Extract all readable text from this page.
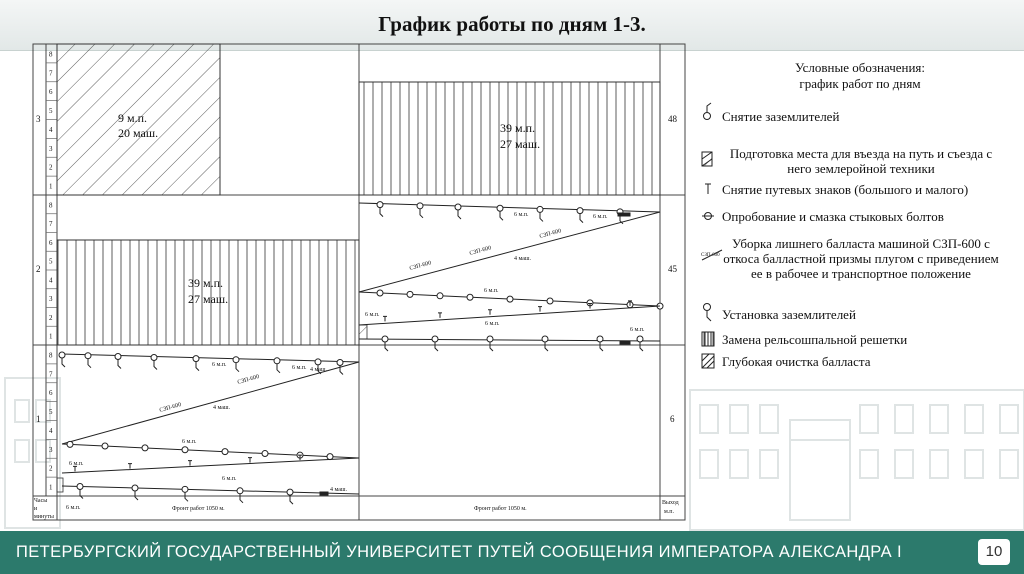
График работы по дням 1-3.
9 м.п.
20 маш.	39 м.п.
27 маш.
39 м.п.
27 маш.
3
2
1
48
45
6
Часы
и
минуты
Выход
м.п.
Фронт работ 1050 м.	Фронт работ 1050 м.
6 м.п.
1
2
3
4
5
6
7
8
1
2
3
4
5
6
7
8
1
2
3
4
5
6
7
8
СЗП-600
СЗП-600
4 маш.
6 м.п.
6 м.п.	6 м.п.
6 м.п.
6 м.п.
4 маш.
4 маш.
СЗП-600
СЗП-600
СЗП-600
4 маш.
6 м.п.	6 м.п.
6 м.п.
6 м.п.
6 м.п.
6 м.п.
Условные обозначения:
график работ по дням
Снятие заземлителей
Подготовка места для въезда на путь и съезда с него землеройной техники
Снятие путевых знаков (большого и малого)
Опробование и смазка стыковых болтов
СЗП-600
Уборка лишнего балласта машиной СЗП-600 с откоса балластной призмы плугом с приведением ее в рабочее и транспортное положение
Установка заземлителей
Замена рельсошпальной решетки
Глубокая очистка балласта
ПЕТЕРБУРГСКИЙ ГОСУДАРСТВЕННЫЙ УНИВЕРСИТЕТ ПУТЕЙ СООБЩЕНИЯ ИМПЕРАТОРА АЛЕКСАНДРА I	10
